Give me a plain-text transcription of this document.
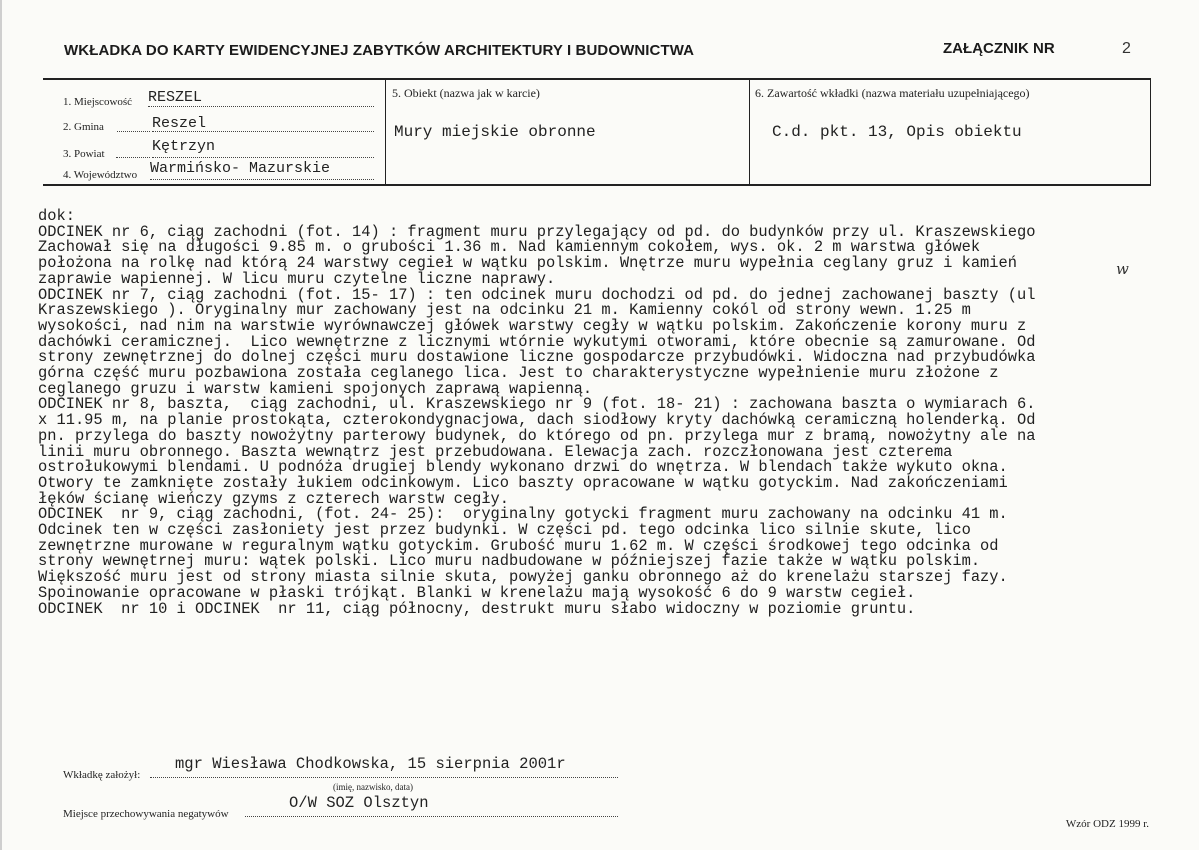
WKŁADKA DO KARTY EWIDENCYJNEJ ZABYTKÓW ARCHITEKTURY I BUDOWNICTWA	ZAŁĄCZNIK NR	2
1. Miejscowość RESZEL
2. Gmina	Reszel
3. Powiat	Kętrzyn
4. Województwo Warmińsko- Mazurskie
5. Obiekt (nazwa jak w karcie)
Mury miejskie obronne
6. Zawartość wkładki (nazwa materiału uzupełniającego)
C.d. pkt. 13, Opis obiektu
dok:
ODCINEK nr 6, ciąg zachodni (fot. 14) : fragment muru przylegający od pd. do budynków przy ul. Kraszewskiego
Zachował się na długości 9.85 m. o grubości 1.36 m. Nad kamiennym cokołem, wys. ok. 2 m warstwa główek
położona na rolkę nad którą 24 warstwy cegieł w wątku polskim. Wnętrze muru wypełnia ceglany gruz i kamień
zaprawie wapiennej. W licu muru czytelne liczne naprawy.
ODCINEK nr 7, ciąg zachodni (fot. 15- 17) : ten odcinek muru dochodzi od pd. do jednej zachowanej baszty (ul
Kraszewskiego ). Oryginalny mur zachowany jest na odcinku 21 m. Kamienny cokól od strony wewn. 1.25 m
wysokości, nad nim na warstwie wyrównawczej główek warstwy cegły w wątku polskim. Zakończenie korony muru z
dachówki ceramicznej.  Lico wewnętrzne z licznymi wtórnie wykutymi otworami, które obecnie są zamurowane. Od
strony zewnętrznej do dolnej części muru dostawione liczne gospodarcze przybudówki. Widoczna nad przybudówka
górna część muru pozbawiona została ceglanego lica. Jest to charakterystyczne wypełnienie muru złożone z
ceglanego gruzu i warstw kamieni spojonych zaprawą wapienną.
ODCINEK nr 8, baszta,  ciąg zachodni, ul. Kraszewskiego nr 9 (fot. 18- 21) : zachowana baszta o wymiarach 6.
x 11.95 m, na planie prostokąta, czterokondygnacjowa, dach siodłowy kryty dachówką ceramiczną holenderką. Od
pn. przylega do baszty nowożytny parterowy budynek, do którego od pn. przylega mur z bramą, nowożytny ale na
linii muru obronnego. Baszta wewnątrz jest przebudowana. Elewacja zach. rozczłonowana jest czterema
ostrołukowymi blendami. U podnóża drugiej blendy wykonano drzwi do wnętrza. W blendach także wykuto okna.
Otwory te zamknięte zostały łukiem odcinkowym. Lico baszty opracowane w wątku gotyckim. Nad zakończeniami
łęków ścianę wieńczy gzyms z czterech warstw cegły.
ODCINEK  nr 9, ciąg zachodni, (fot. 24- 25):  oryginalny gotycki fragment muru zachowany na odcinku 41 m.
Odcinek ten w części zasłoniety jest przez budynki. W części pd. tego odcinka lico silnie skute, lico
zewnętrzne murowane w reguralnym wątku gotyckim. Grubość muru 1.62 m. W części środkowej tego odcinka od
strony wewnętrnej muru: wątek polski. Lico muru nadbudowane w późniejszej fazie także w wątku polskim.
Większość muru jest od strony miasta silnie skuta, powyżej ganku obronnego aż do krenelażu starszej fazy.
Spoinowanie opracowane w płaski trójkąt. Blanki w krenelażu mają wysokość 6 do 9 warstw cegieł.
ODCINEK  nr 10 i ODCINEK  nr 11, ciąg północny, destrukt muru słabo widoczny w poziomie gruntu.
w
Wkładkę założył:
mgr Wiesława Chodkowska, 15 sierpnia 2001r
(imię, nazwisko, data)
Miejsce przechowywania negatywów
O/W SOZ Olsztyn
Wzór ODZ 1999 r.
